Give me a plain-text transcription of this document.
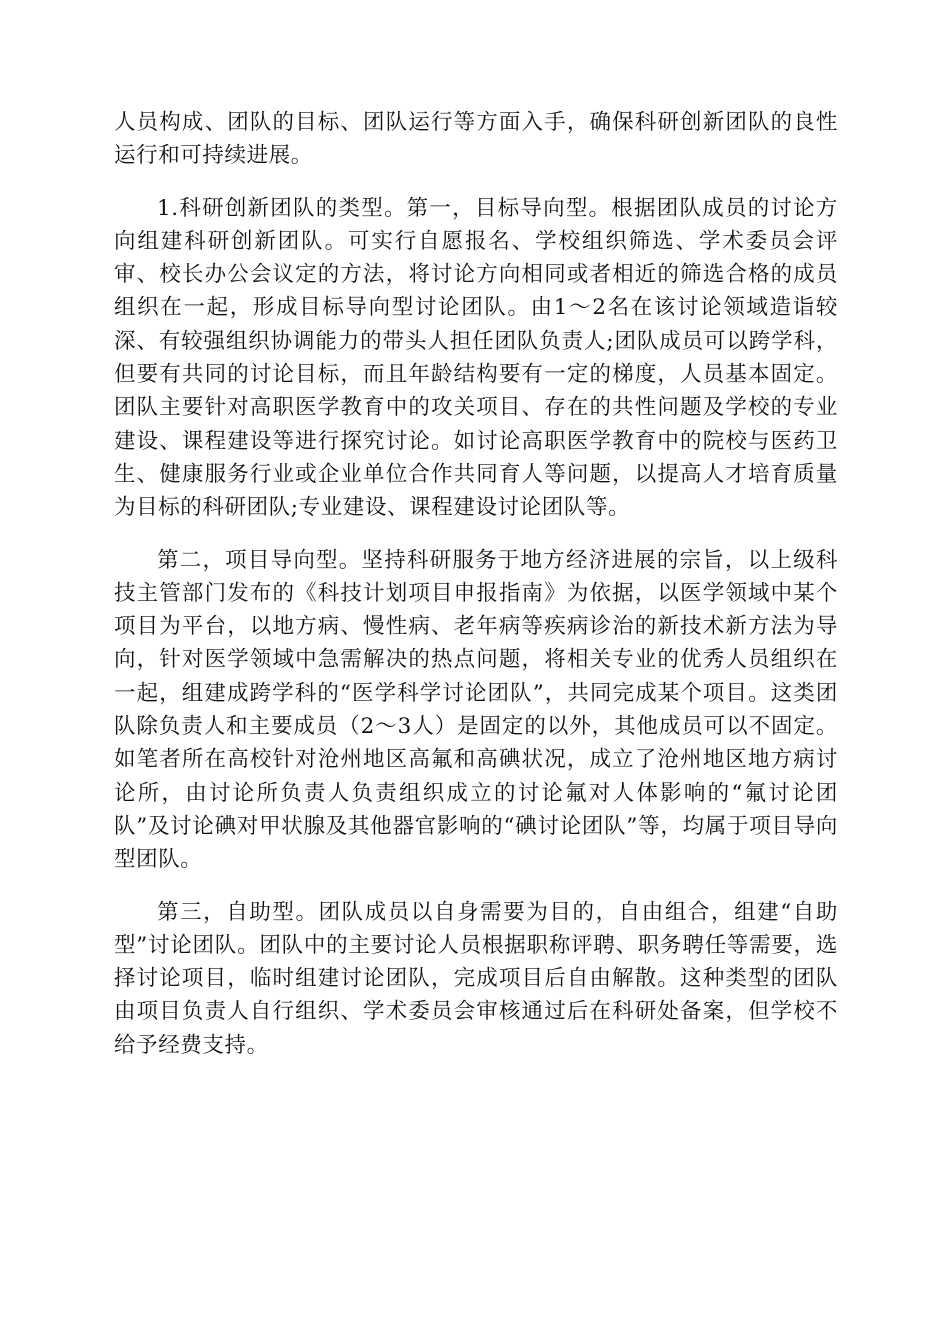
人员构成、团队的目标、团队运行等方面入手，确保科研创新团队的良性运行和可持续进展。

1.科研创新团队的类型。第一，目标导向型。根据团队成员的讨论方向组建科研创新团队。可实行自愿报名、学校组织筛选、学术委员会评审、校长办公会议定的方法，将讨论方向相同或者相近的筛选合格的成员组织在一起，形成目标导向型讨论团队。由1～2名在该讨论领域造诣较深、有较强组织协调能力的带头人担任团队负责人;团队成员可以跨学科，但要有共同的讨论目标，而且年龄结构要有一定的梯度，人员基本固定。团队主要针对高职医学教育中的攻关项目、存在的共性问题及学校的专业建设、课程建设等进行探究讨论。如讨论高职医学教育中的院校与医药卫生、健康服务行业或企业单位合作共同育人等问题，以提高人才培育质量为目标的科研团队;专业建设、课程建设讨论团队等。

第二，项目导向型。坚持科研服务于地方经济进展的宗旨，以上级科技主管部门发布的《科技计划项目申报指南》为依据，以医学领域中某个项目为平台，以地方病、慢性病、老年病等疾病诊治的新技术新方法为导向，针对医学领域中急需解决的热点问题，将相关专业的优秀人员组织在一起，组建成跨学科的“医学科学讨论团队”，共同完成某个项目。这类团队除负责人和主要成员（2～3人）是固定的以外，其他成员可以不固定。如笔者所在高校针对沧州地区高氟和高碘状况，成立了沧州地区地方病讨论所，由讨论所负责人负责组织成立的讨论氟对人体影响的“氟讨论团队”及讨论碘对甲状腺及其他器官影响的“碘讨论团队”等，均属于项目导向型团队。

第三，自助型。团队成员以自身需要为目的，自由组合，组建“自助型”讨论团队。团队中的主要讨论人员根据职称评聘、职务聘任等需要，选择讨论项目，临时组建讨论团队，完成项目后自由解散。这种类型的团队由项目负责人自行组织、学术委员会审核通过后在科研处备案，但学校不给予经费支持。
